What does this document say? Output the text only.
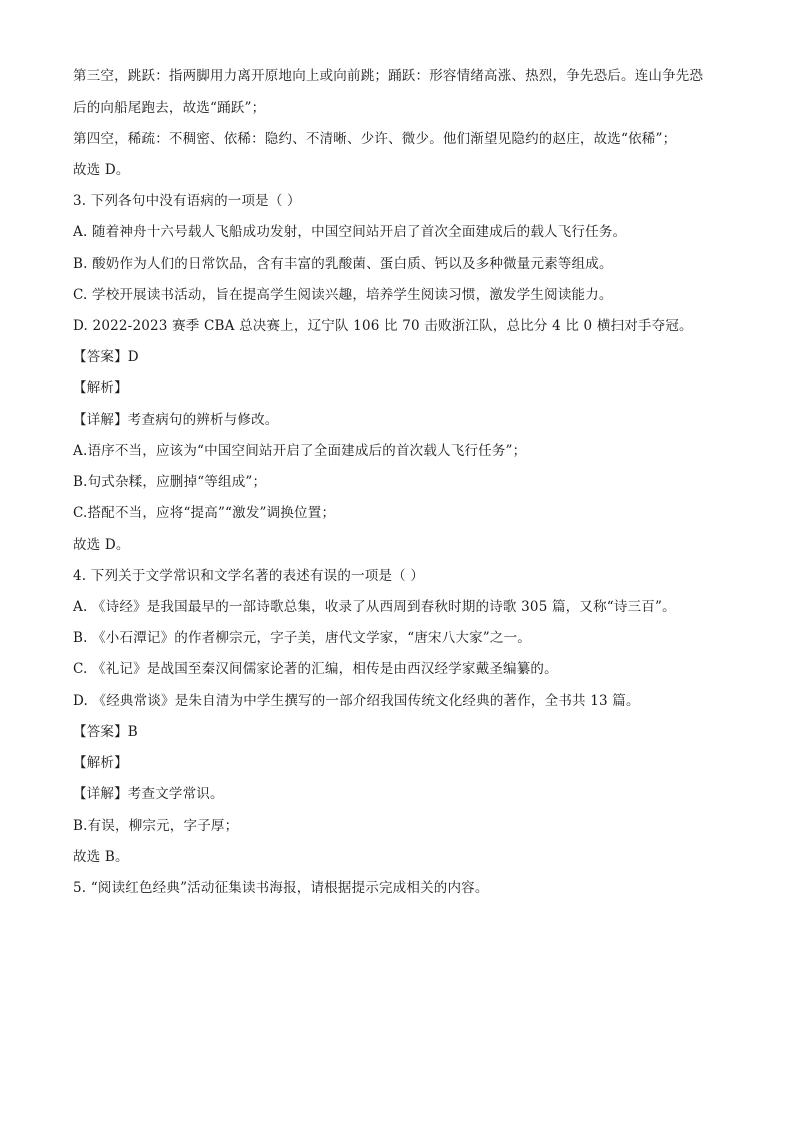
第三空，跳跃：指两脚用力离开原地向上或向前跳；踊跃：形容情绪高涨、热烈，争先恐后。连山争先恐
后的向船尾跑去，故选“踊跃”；
第四空，稀疏：不稠密、依稀：隐约、不清晰、少许、微少。他们渐望见隐约的赵庄，故选“依稀”；
故选 D。
3. 下列各句中没有语病的一项是（ ）
A. 随着神舟十六号载人飞船成功发射，中国空间站开启了首次全面建成后的载人飞行任务。
B. 酸奶作为人们的日常饮品，含有丰富的乳酸菌、蛋白质、钙以及多种微量元素等组成。
C. 学校开展读书活动，旨在提高学生阅读兴趣，培养学生阅读习惯，激发学生阅读能力。
D. 2022-2023 赛季 CBA 总决赛上，辽宁队 106 比 70 击败浙江队，总比分 4 比 0 横扫对手夺冠。
【答案】D
【解析】
【详解】考查病句的辨析与修改。
A.语序不当，应该为“中国空间站开启了全面建成后的首次载人飞行任务”；
B.句式杂糅，应删掉“等组成”；
C.搭配不当，应将“提高”“激发”调换位置；
故选 D。
4. 下列关于文学常识和文学名著的表述有误的一项是（ ）
A. 《诗经》是我国最早的一部诗歌总集，收录了从西周到春秋时期的诗歌 305 篇，又称“诗三百”。
B. 《小石潭记》的作者柳宗元，字子美，唐代文学家，“唐宋八大家”之一。
C. 《礼记》是战国至秦汉间儒家论著的汇编，相传是由西汉经学家戴圣编纂的。
D. 《经典常谈》是朱自清为中学生撰写的一部介绍我国传统文化经典的著作，全书共 13 篇。
【答案】B
【解析】
【详解】考查文学常识。
B.有误，柳宗元，字子厚；
故选 B。
5. “阅读红色经典”活动征集读书海报，请根据提示完成相关的内容。
